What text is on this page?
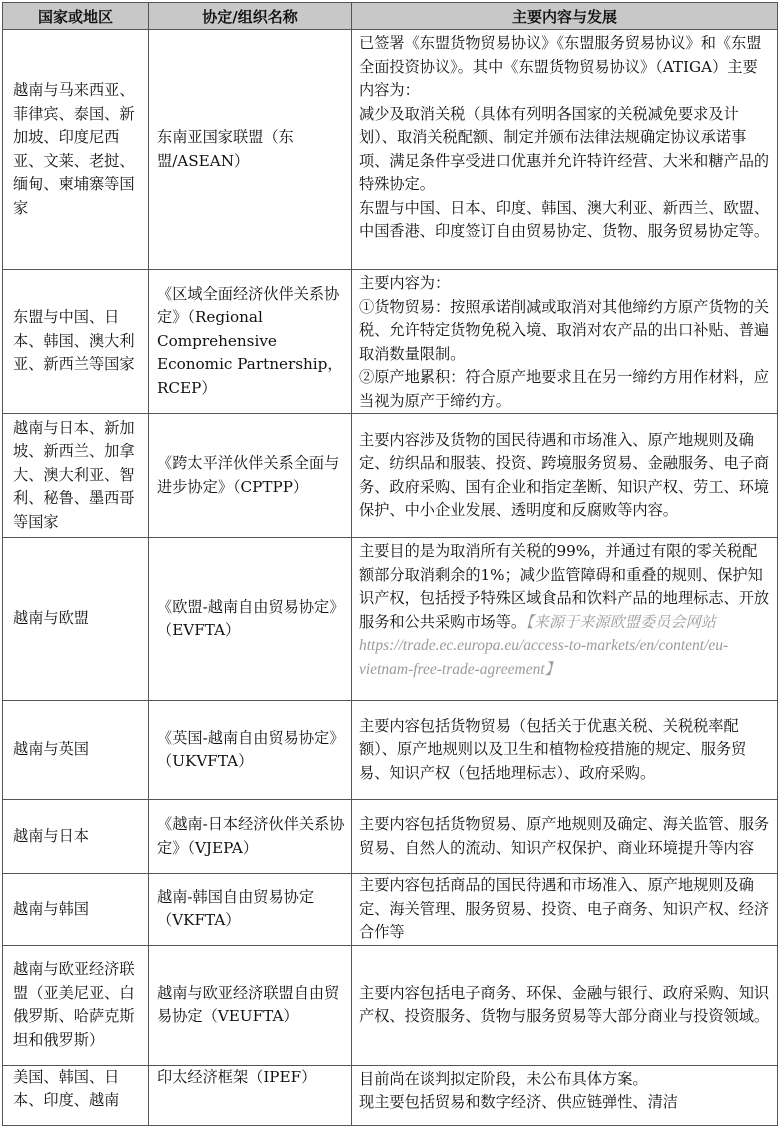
国家或地区	协定/组织名称	主要内容与发展
越南与马来西亚、菲律宾、泰国、新加坡、印度尼西亚、文莱、老挝、缅甸、柬埔寨等国家	东南亚国家联盟（东盟/ASEAN）	已签署《东盟货物贸易协议》《东盟服务贸易协议》和《东盟全面投资协议》。其中《东盟货物贸易协议》（ATIGA）主要内容为：

减少及取消关税（具体有列明各国家的关税减免要求及计划）、取消关税配额、制定并颁布法律法规确定协议承诺事项、满足条件享受进口优惠并允许特许经营、大米和糖产品的特殊协定。

东盟与中国、日本、印度、韩国、澳大利亚、新西兰、欧盟、中国香港、印度签订自由贸易协定、货物、服务贸易协定等。

东盟与中国、日本、韩国、澳大利亚、新西兰等国家	《区域全面经济伙伴关系协定》（Regional Comprehensive Economic Partnership，RCEP）	主要内容为：

①货物贸易：按照承诺削减或取消对其他缔约方原产货物的关税、允许特定货物免税入境、取消对农产品的出口补贴、普遍取消数量限制。

②原产地累积：符合原产地要求且在另一缔约方用作材料，应当视为原产于缔约方。

越南与日本、新加坡、新西兰、加拿大、澳大利亚、智利、秘鲁、墨西哥等国家	《跨太平洋伙伴关系全面与进步协定》（CPTPP）	主要内容涉及货物的国民待遇和市场准入、原产地规则及确定、纺织品和服装、投资、跨境服务贸易、金融服务、电子商务、政府采购、国有企业和指定垄断、知识产权、劳工、环境保护、中小企业发展、透明度和反腐败等内容。

越南与欧盟	《欧盟-越南自由贸易协定》（EVFTA）	主要目的是为取消所有关税的99%，并通过有限的零关税配额部分取消剩余的1%；减少监管障碍和重叠的规则、保护知识产权，包括授予特殊区域食品和饮料产品的地理标志、开放服务和公共采购市场等。【来源于来源欧盟委员会网站https://trade.ec.europa.eu/access-to-markets/en/content/eu-vietnam-free-trade-agreement】

越南与英国	《英国-越南自由贸易协定》（UKVFTA）	主要内容包括货物贸易（包括关于优惠关税、关税税率配额）、原产地规则以及卫生和植物检疫措施的规定、服务贸易、知识产权（包括地理标志）、政府采购。

越南与日本	《越南-日本经济伙伴关系协定》（VJEPA）	主要内容包括货物贸易、原产地规则及确定、海关监管、服务贸易、自然人的流动、知识产权保护、商业环境提升等内容

越南与韩国	越南-韩国自由贸易协定（VKFTA）	主要内容包括商品的国民待遇和市场准入、原产地规则及确定、海关管理、服务贸易、投资、电子商务、知识产权、经济合作等

越南与欧亚经济联盟（亚美尼亚、白俄罗斯、哈萨克斯坦和俄罗斯）	越南与欧亚经济联盟自由贸易协定（VEUFTA）	主要内容包括电子商务、环保、金融与银行、政府采购、知识产权、投资服务、货物与服务贸易等大部分商业与投资领域。

美国、韩国、日本、印度、越南	印太经济框架（IPEF）	目前尚在谈判拟定阶段，未公布具体方案。

现主要包括贸易和数字经济、供应链弹性、清洁
